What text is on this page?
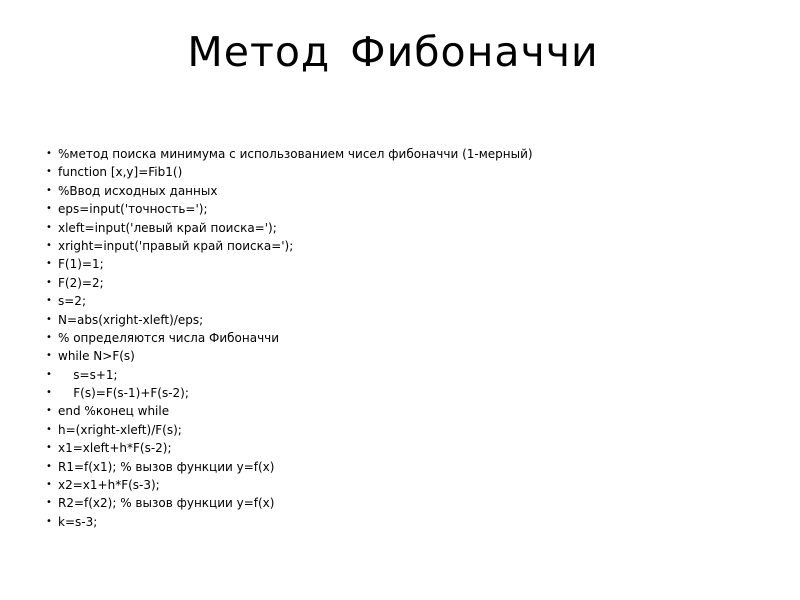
Метод Фибоначчи
• %метод поиска минимума с использованием чисел фибоначчи (1-мерный)
• function [x,y]=Fib1()
• %Ввод исходных данных
• eps=input('точность=');
• xleft=input('левый край поиска=');
• xright=input('правый край поиска=');
• F(1)=1;
• F(2)=2;
• s=2;
• N=abs(xright-xleft)/eps;
• % определяются числа Фибоначчи
• while N>F(s)
• s=s+1;
• F(s)=F(s-1)+F(s-2);
• end %конец while
• h=(xright-xleft)/F(s);
• x1=xleft+h*F(s-2);
• R1=f(x1); % вызов функции y=f(x)
• x2=x1+h*F(s-3);
• R2=f(x2); % вызов функции y=f(x)
• k=s-3;
